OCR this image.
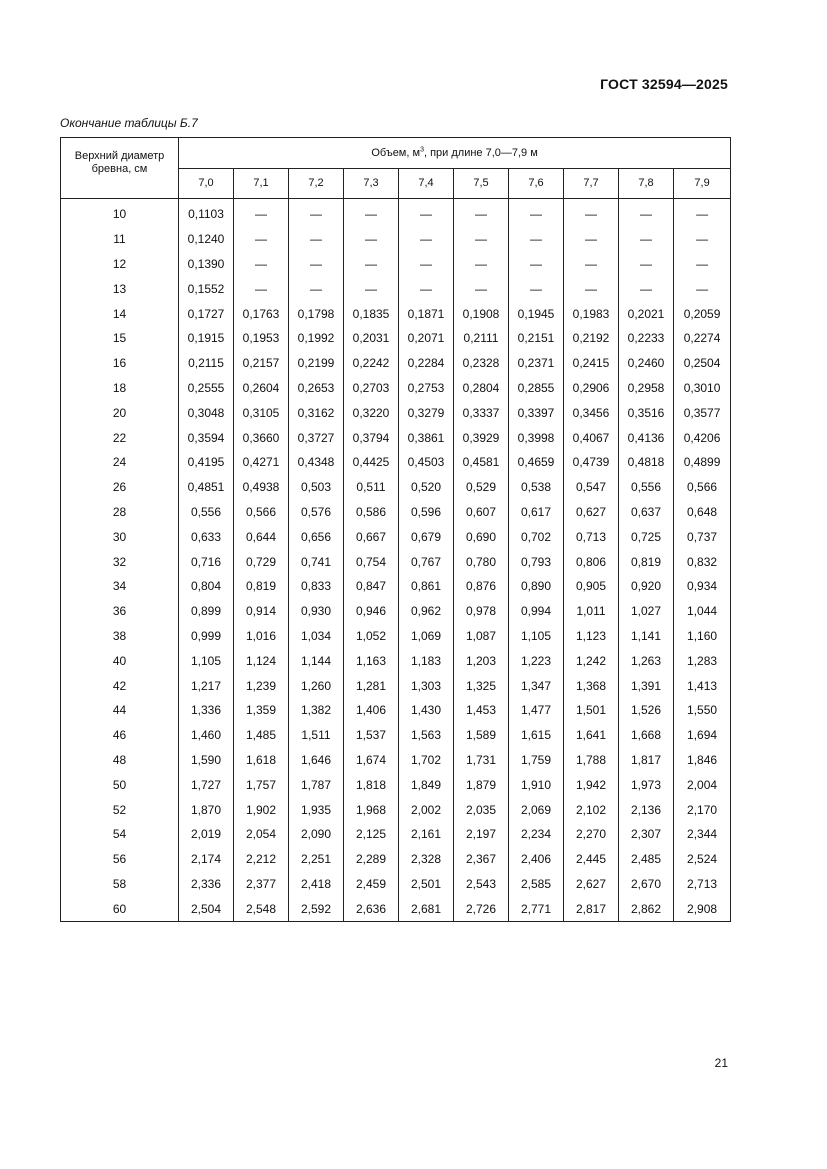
ГОСТ 32594—2025
Окончание таблицы Б.7
Верхний диаметр бревна, см	Объем, $м^3$, при длине 7,0—7,9 м									
	7,0	7,1	7,2	7,3	7,4	7,5	7,6	7,7	7,8	7,9

10	0,1103	—	—	—	—	—	—	—	—	—
11	0,1240	—	—	—	—	—	—	—	—	—
12	0,1390	—	—	—	—	—	—	—	—	—
13	0,1552	—	—	—	—	—	—	—	—	—
14	0,1727	0,1763	0,1798	0,1835	0,1871	0,1908	0,1945	0,1983	0,2021	0,2059
15	0,1915	0,1953	0,1992	0,2031	0,2071	0,2111	0,2151	0,2192	0,2233	0,2274
16	0,2115	0,2157	0,2199	0,2242	0,2284	0,2328	0,2371	0,2415	0,2460	0,2504
18	0,2555	0,2604	0,2653	0,2703	0,2753	0,2804	0,2855	0,2906	0,2958	0,3010
20	0,3048	0,3105	0,3162	0,3220	0,3279	0,3337	0,3397	0,3456	0,3516	0,3577
22	0,3594	0,3660	0,3727	0,3794	0,3861	0,3929	0,3998	0,4067	0,4136	0,4206
24	0,4195	0,4271	0,4348	0,4425	0,4503	0,4581	0,4659	0,4739	0,4818	0,4899
26	0,4851	0,4938	0,503	0,511	0,520	0,529	0,538	0,547	0,556	0,566
28	0,556	0,566	0,576	0,586	0,596	0,607	0,617	0,627	0,637	0,648
30	0,633	0,644	0,656	0,667	0,679	0,690	0,702	0,713	0,725	0,737
32	0,716	0,729	0,741	0,754	0,767	0,780	0,793	0,806	0,819	0,832
34	0,804	0,819	0,833	0,847	0,861	0,876	0,890	0,905	0,920	0,934
36	0,899	0,914	0,930	0,946	0,962	0,978	0,994	1,011	1,027	1,044
38	0,999	1,016	1,034	1,052	1,069	1,087	1,105	1,123	1,141	1,160
40	1,105	1,124	1,144	1,163	1,183	1,203	1,223	1,242	1,263	1,283
42	1,217	1,239	1,260	1,281	1,303	1,325	1,347	1,368	1,391	1,413
44	1,336	1,359	1,382	1,406	1,430	1,453	1,477	1,501	1,526	1,550
46	1,460	1,485	1,511	1,537	1,563	1,589	1,615	1,641	1,668	1,694
48	1,590	1,618	1,646	1,674	1,702	1,731	1,759	1,788	1,817	1,846
50	1,727	1,757	1,787	1,818	1,849	1,879	1,910	1,942	1,973	2,004
52	1,870	1,902	1,935	1,968	2,002	2,035	2,069	2,102	2,136	2,170
54	2,019	2,054	2,090	2,125	2,161	2,197	2,234	2,270	2,307	2,344
56	2,174	2,212	2,251	2,289	2,328	2,367	2,406	2,445	2,485	2,524
58	2,336	2,377	2,418	2,459	2,501	2,543	2,585	2,627	2,670	2,713
60	2,504	2,548	2,592	2,636	2,681	2,726	2,771	2,817	2,862	2,908
21
